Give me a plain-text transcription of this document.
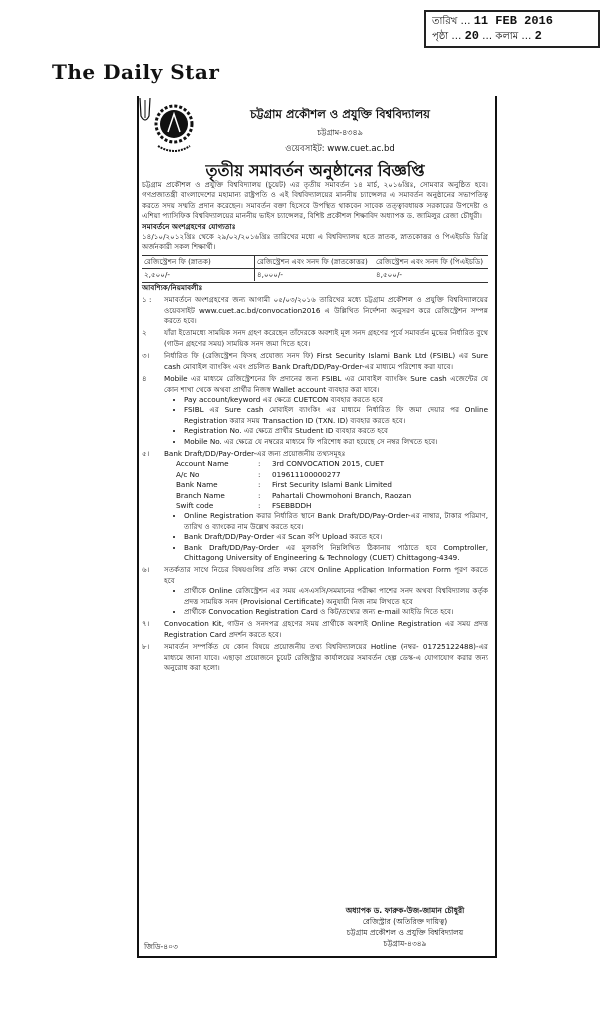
তারিখ … 11 FEB 2016
পৃষ্ঠা … 20 … কলাম … 2
The Daily Star
চট্টগ্রাম প্রকৌশল ও প্রযুক্তি বিশ্ববিদ্যালয়
চট্টগ্রাম-৪৩৪৯
ওয়েবসাইট: www.cuet.ac.bd
তৃতীয় সমাবর্তন অনুষ্ঠানের বিজ্ঞপ্তি

চট্টগ্রাম প্রকৌশল ও প্রযুক্তি বিশ্ববিদ্যালয় (চুয়েট) এর তৃতীয় সমাবর্তন ১৪ মার্চ, ২০১৬খ্রিঃ, সোমবার অনুষ্ঠিত হবে। গণপ্রজাতন্ত্রী বাংলাদেশের মহামান্য রাষ্ট্রপতি ও এই বিশ্ববিদ্যালয়ের মাননীয় চ্যান্সেলর এ সমাবর্তন অনুষ্ঠানের সভাপতিত্ব করতে সদয় সম্মতি প্রদান করেছেন। সমাবর্তন বক্তা হিসেবে উপস্থিত থাকবেন সাবেক তত্ত্বাবধায়ক সরকারের উপদেষ্টা ও এশিয়া প্যাসিফিক বিশ্ববিদ্যালয়ের মাননীয় ভাইস চ্যান্সেলর, বিশিষ্ট প্রকৌশল শিক্ষাবিদ অধ্যাপক ড. জামিলুর রেজা চৌধুরী।

সমাবর্তনে অংশগ্রহণের যোগ্যতাঃ

১৪/১০/২০১২খ্রিঃ থেকে ২৯/০২/২০১৬খ্রিঃ তারিখের মধ্যে এ বিশ্ববিদ্যালয় হতে স্নাতক, স্নাতকোত্তর ও পিএইচডি ডিগ্রি অর্জনকারী সকল শিক্ষার্থী।

রেজিস্ট্রেশন ফি (স্নাতক)	রেজিস্ট্রেশন এবং সনদ ফি (স্নাতকোত্তর)	রেজিস্ট্রেশন এবং সনদ ফি (পিএইচডি)
২,৫০০/-	৪,০০০/-	৪,৫০০/-
আবশ্যিক/নিয়মাবলীঃ
১ :	সমাবর্তনে অংশগ্রহণের জন্য আগামী ০৫/০৩/২০১৬ তারিখের মধ্যে চট্টগ্রাম প্রকৌশল ও প্রযুক্তি বিশ্ববিদ্যালয়ের ওয়েবসাইট www.cuet.ac.bd/convocation2016 এ উল্লিখিত নির্দেশনা অনুসরণ করে রেজিস্ট্রেশন সম্পন্ন করতে হবে।
২	যাঁরা ইতোমধ্যে সাময়িক সনদ গ্রহণ করেছেন তাঁদেরকে অবশ্যই মূল সনদ গ্রহণের পূর্বে সমাবর্তন মুভের নির্ধারিত বুথে (গাউন গ্রহণের সময়) সাময়িক সনদ জমা দিতে হবে।
৩।	নির্ধারিত ফি (রেজিস্ট্রেশন ফিসহ প্রযোজ্য সনদ ফি) First Security Islami Bank Ltd (FSIBL) এর Sure cash মোবাইল ব্যাংকিং এবং প্রচলিত Bank Draft/DD/Pay-Order-এর মাধ্যমে পরিশোধ করা যাবে।
৪	Mobile এর মাধ্যমে রেজিস্ট্রেশনের ফি প্রদানের জন্য FSIBL এর মোবাইল ব্যাংকিং Sure cash এজেন্টের যে কোন শাখা থেকে অথবা প্রার্থীর নিজস্ব Wallet account ব্যবহার করা যাবে।
• Pay account/keyword এর ক্ষেত্রে CUETCON ব্যবহার করতে হবে
• FSIBL এর Sure cash মোবাইল ব্যাংকিং এর মাধ্যমে নির্ধারিত ফি জমা দেয়ার পর Online Registration করার সময় Transaction ID (TXN. ID) ব্যবহার করতে হবে।
• Registration No. এর ক্ষেত্রে প্রার্থীর Student ID ব্যবহার করতে হবে
• Mobile No. এর ক্ষেত্রে যে নম্বরের মাধ্যমে ফি পরিশোধ করা হয়েছে সে নম্বর লিখতে হবে।
৫।	Bank Draft/DD/Pay-Order-এর জন্য প্রয়োজনীয় তথ্যসমূহঃ
Account Name	:	3rd CONVOCATION 2015, CUET
A/c No	:	0196111000002​77
Bank Name	:	First Security Islami Bank Limited
Branch Name	:	Pahartali Chowmohoni Branch, Raozan
Swift code	:	FSEBBDDH
• Online Registration করার নির্ধারিত স্থানে Bank Draft/DD/Pay-Order-এর নাম্বার, টাকার পরিমাণ, তারিখ ও ব্যাংকের নাম উল্লেখ করতে হবে।
• Bank Draft/DD/Pay-Order এর Scan কপি Upload করতে হবে।
• Bank Draft/DD/Pay-Order এর মূলকপি নিম্নলিখিত ঠিকানায় পাঠাতে হবে Comptroller, Chittagong University of Engineering & Technology (CUET) Chittagong-4349.
৬।	সতর্কতার সাথে নিচের বিষয়গুলির প্রতি লক্ষ্য রেখে Online Application Information Form পূরণ করতে হবে
• প্রার্থীকে Online রেজিস্ট্রেশন এর সময় এসএসসি/সমমানের পরীক্ষা পাশের সনদ অথবা বিশ্ববিদ্যালয় কর্তৃক প্রদত্ত সাময়িক সনদ (Provisional Certificate) অনুযায়ী নিজ নাম লিখতে হবে
• প্রার্থীকে Convocation Registration Card ও কিট/তথ্যের জন্য e-mail আইডি দিতে হবে।
৭।	Convocation Kit, গাউন ও সনদপত্র গ্রহণের সময় প্রার্থীকে অবশ্যই Online Registration এর সময় প্রদত্ত Registration Card প্রদর্শন করতে হবে।
৮।	সমাবর্তন সম্পর্কিত যে কোন বিষয়ে প্রয়োজনীয় তথ্য বিশ্ববিদ্যালয়ের Hotline (নম্বর- 01725122488)-এর মাধ্যমে জানা যাবে। এছাড়া প্রয়োজনে চুয়েট রেজিস্ট্রার কার্যালয়ের সমাবর্তন হেল্প ডেস্ক-এ যোগাযোগ করার জন্য অনুরোধ করা হলো।
অধ্যাপক ড. ফারুক-উজ-জামান চৌধুরী
রেজিস্ট্রার (অতিরিক্ত দায়িত্ব)
চট্টগ্রাম প্রকৌশল ও প্রযুক্তি বিশ্ববিদ্যালয়
চট্টগ্রাম-৪৩৪৯
জিডি-৪০৩
